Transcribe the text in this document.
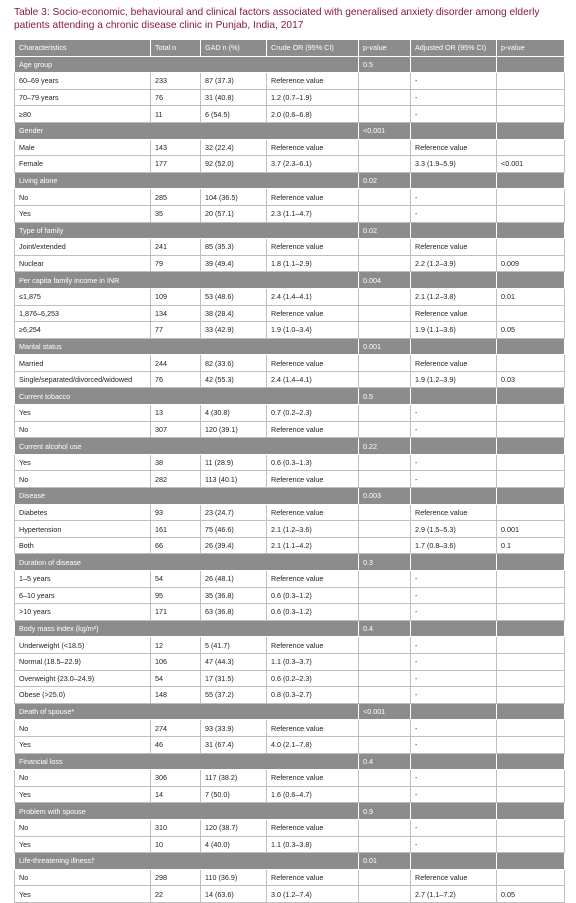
Table 3: Socio-economic, behavioural and clinical factors associated with generalised anxiety disorder among elderly patients attending a chronic disease clinic in Punjab, India, 2017
Characteristics	Total n	GAD n (%)	Crude OR (95% CI)	p-value	Adjusted OR (95% CI)	p-value
Age group				0.5		
60–69 years	233	87 (37.3)	Reference value		-	
70–79 years	76	31 (40.8)	1.2 (0.7–1.9)		-	
≥80	11	6 (54.5)	2.0 (0.6–6.8)		-	
Gender				<0.001		
Male	143	32 (22.4)	Reference value		Reference value	
Female	177	92 (52.0)	3.7 (2.3–6.1)		3.3 (1.9–5.9)	<0.001
Living alone				0.02		
No	285	104 (36.5)	Reference value		-	
Yes	35	20 (57.1)	2.3 (1.1–4.7)		-	
Type of family				0.02		
Joint/extended	241	85 (35.3)	Reference value		Reference value	
Nuclear	79	39 (49.4)	1.8 (1.1–2.9)		2.2 (1.2–3.9)	0.009
Per capita family income in INR				0.004		
≤1,875	109	53 (48.6)	2.4 (1.4–4.1)		2.1 (1.2–3.8)	0.01
1,876–6,253	134	38 (28.4)	Reference value		Reference value	
≥6,254	77	33 (42.9)	1.9 (1.0–3.4)		1.9 (1.1–3.6)	0.05
Marital status				0.001		
Married	244	82 (33.6)	Reference value		Reference value	
Single/separated/divorced/widowed	76	42 (55.3)	2.4 (1.4–4.1)		1.9 (1.2–3.9)	0.03
Current tobacco				0.5		
Yes	13	4 (30.8)	0.7 (0.2–2.3)		-	
No	307	120 (39.1)	Reference value		-	
Current alcohol use				0.22		
Yes	38	11 (28.9)	0.6 (0.3–1.3)		-	
No	282	113 (40.1)	Reference value		-	
Disease				0.003		
Diabetes	93	23 (24.7)	Reference value		Reference value	
Hypertension	161	75 (46.6)	2.1 (1.2–3.6)		2.9 (1.5–5.3)	0.001
Both	66	26 (39.4)	2.1 (1.1–4.2)		1.7 (0.8–3.6)	0.1
Duration of disease				0.3		
1–5 years	54	26 (48.1)	Reference value		-	
6–10 years	95	35 (36.8)	0.6 (0.3–1.2)		-	
>10 years	171	63 (36.8)	0.6 (0.3–1.2)		-	
Body mass index (kg/m²)				0.4		
Underweight (<18.5)	12	5 (41.7)	Reference value		-	
Normal (18.5–22.9)	106	47 (44.3)	1.1 (0.3–3.7)		-	
Overweight (23.0–24.9)	54	17 (31.5)	0.6 (0.2–2.3)		-	
Obese (>25.0)	148	55 (37.2)	0.8 (0.3–2.7)		-	
Death of spouse*				<0.001		
No	274	93 (33.9)	Reference value		-	
Yes	46	31 (67.4)	4.0 (2.1–7.8)		-	
Financial loss				0.4		
No	306	117 (38.2)	Reference value		-	
Yes	14	7 (50.0)	1.6 (0.6–4.7)		-	
Problem with spouse				0.9		
No	310	120 (38.7)	Reference value		-	
Yes	10	4 (40.0)	1.1 (0.3–3.8)		-	
Life-threatening illness†				0.01		
No	298	110 (36.9)	Reference value		Reference value	
Yes	22	14 (63.6)	3.0 (1.2–7.4)		2.7 (1.1–7.2)	0.05
